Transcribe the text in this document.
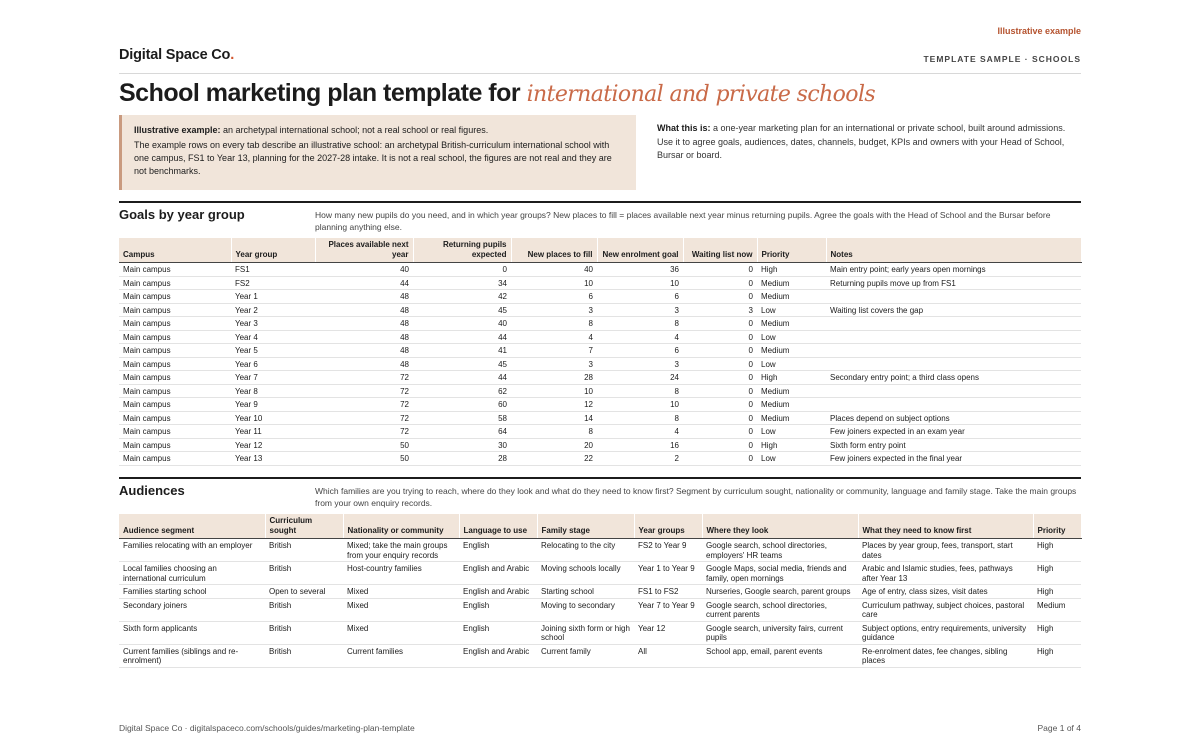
Illustrative example
Digital Space Co.	TEMPLATE SAMPLE · SCHOOLS
School marketing plan template for international and private schools

Illustrative example: an archetypal international school; not a real school or real figures.

The example rows on every tab describe an illustrative school: an archetypal British-curriculum international school with one campus, FS1 to Year 13, planning for the 2027-28 intake. It is not a real school, the figures are not real and they are not benchmarks.

What this is: a one-year marketing plan for an international or private school, built around admissions. Use it to agree goals, audiences, dates, channels, budget, KPIs and owners with your Head of School, Bursar or board.
Goals by year group	How many new pupils do you need, and in which year groups? New places to fill = places available next year minus returning pupils. Agree the goals with the Head of School and the Bursar before planning anything else.
Campus	Year group	Places available next year	Returning pupils expected	New places to fill	New enrolment goal	Waiting list now	Priority	Notes
Main campus	FS1	40	0	40	36	0	High	Main entry point; early years open mornings
Main campus	FS2	44	34	10	10	0	Medium	Returning pupils move up from FS1
Main campus	Year 1	48	42	6	6	0	Medium	
Main campus	Year 2	48	45	3	3	3	Low	Waiting list covers the gap
Main campus	Year 3	48	40	8	8	0	Medium	
Main campus	Year 4	48	44	4	4	0	Low	
Main campus	Year 5	48	41	7	6	0	Medium	
Main campus	Year 6	48	45	3	3	0	Low	
Main campus	Year 7	72	44	28	24	0	High	Secondary entry point; a third class opens
Main campus	Year 8	72	62	10	8	0	Medium	
Main campus	Year 9	72	60	12	10	0	Medium	
Main campus	Year 10	72	58	14	8	0	Medium	Places depend on subject options
Main campus	Year 11	72	64	8	4	0	Low	Few joiners expected in an exam year
Main campus	Year 12	50	30	20	16	0	High	Sixth form entry point
Main campus	Year 13	50	28	22	2	0	Low	Few joiners expected in the final year
Audiences	Which families are you trying to reach, where do they look and what do they need to know first? Segment by curriculum sought, nationality or community, language and family stage. Take the main groups from your own enquiry records.
Audience segment	Curriculum sought	Nationality or community	Language to use	Family stage	Year groups	Where they look	What they need to know first	Priority
Families relocating with an employer	British	Mixed; take the main groups from your enquiry records	English	Relocating to the city	FS2 to Year 9	Google search, school directories, employers' HR teams	Places by year group, fees, transport, start dates	High
Local families choosing an international curriculum	British	Host-country families	English and Arabic	Moving schools locally	Year 1 to Year 9	Google Maps, social media, friends and family, open mornings	Arabic and Islamic studies, fees, pathways after Year 13	High
Families starting school	Open to several	Mixed	English and Arabic	Starting school	FS1 to FS2	Nurseries, Google search, parent groups	Age of entry, class sizes, visit dates	High
Secondary joiners	British	Mixed	English	Moving to secondary	Year 7 to Year 9	Google search, school directories, current parents	Curriculum pathway, subject choices, pastoral care	Medium
Sixth form applicants	British	Mixed	English	Joining sixth form or high school	Year 12	Google search, university fairs, current pupils	Subject options, entry requirements, university guidance	High
Current families (siblings and re-enrolment)	British	Current families	English and Arabic	Current family	All	School app, email, parent events	Re-enrolment dates, fee changes, sibling places	High
Digital Space Co · digitalspaceco.com/schools/guides/marketing-plan-template	Page 1 of 4
